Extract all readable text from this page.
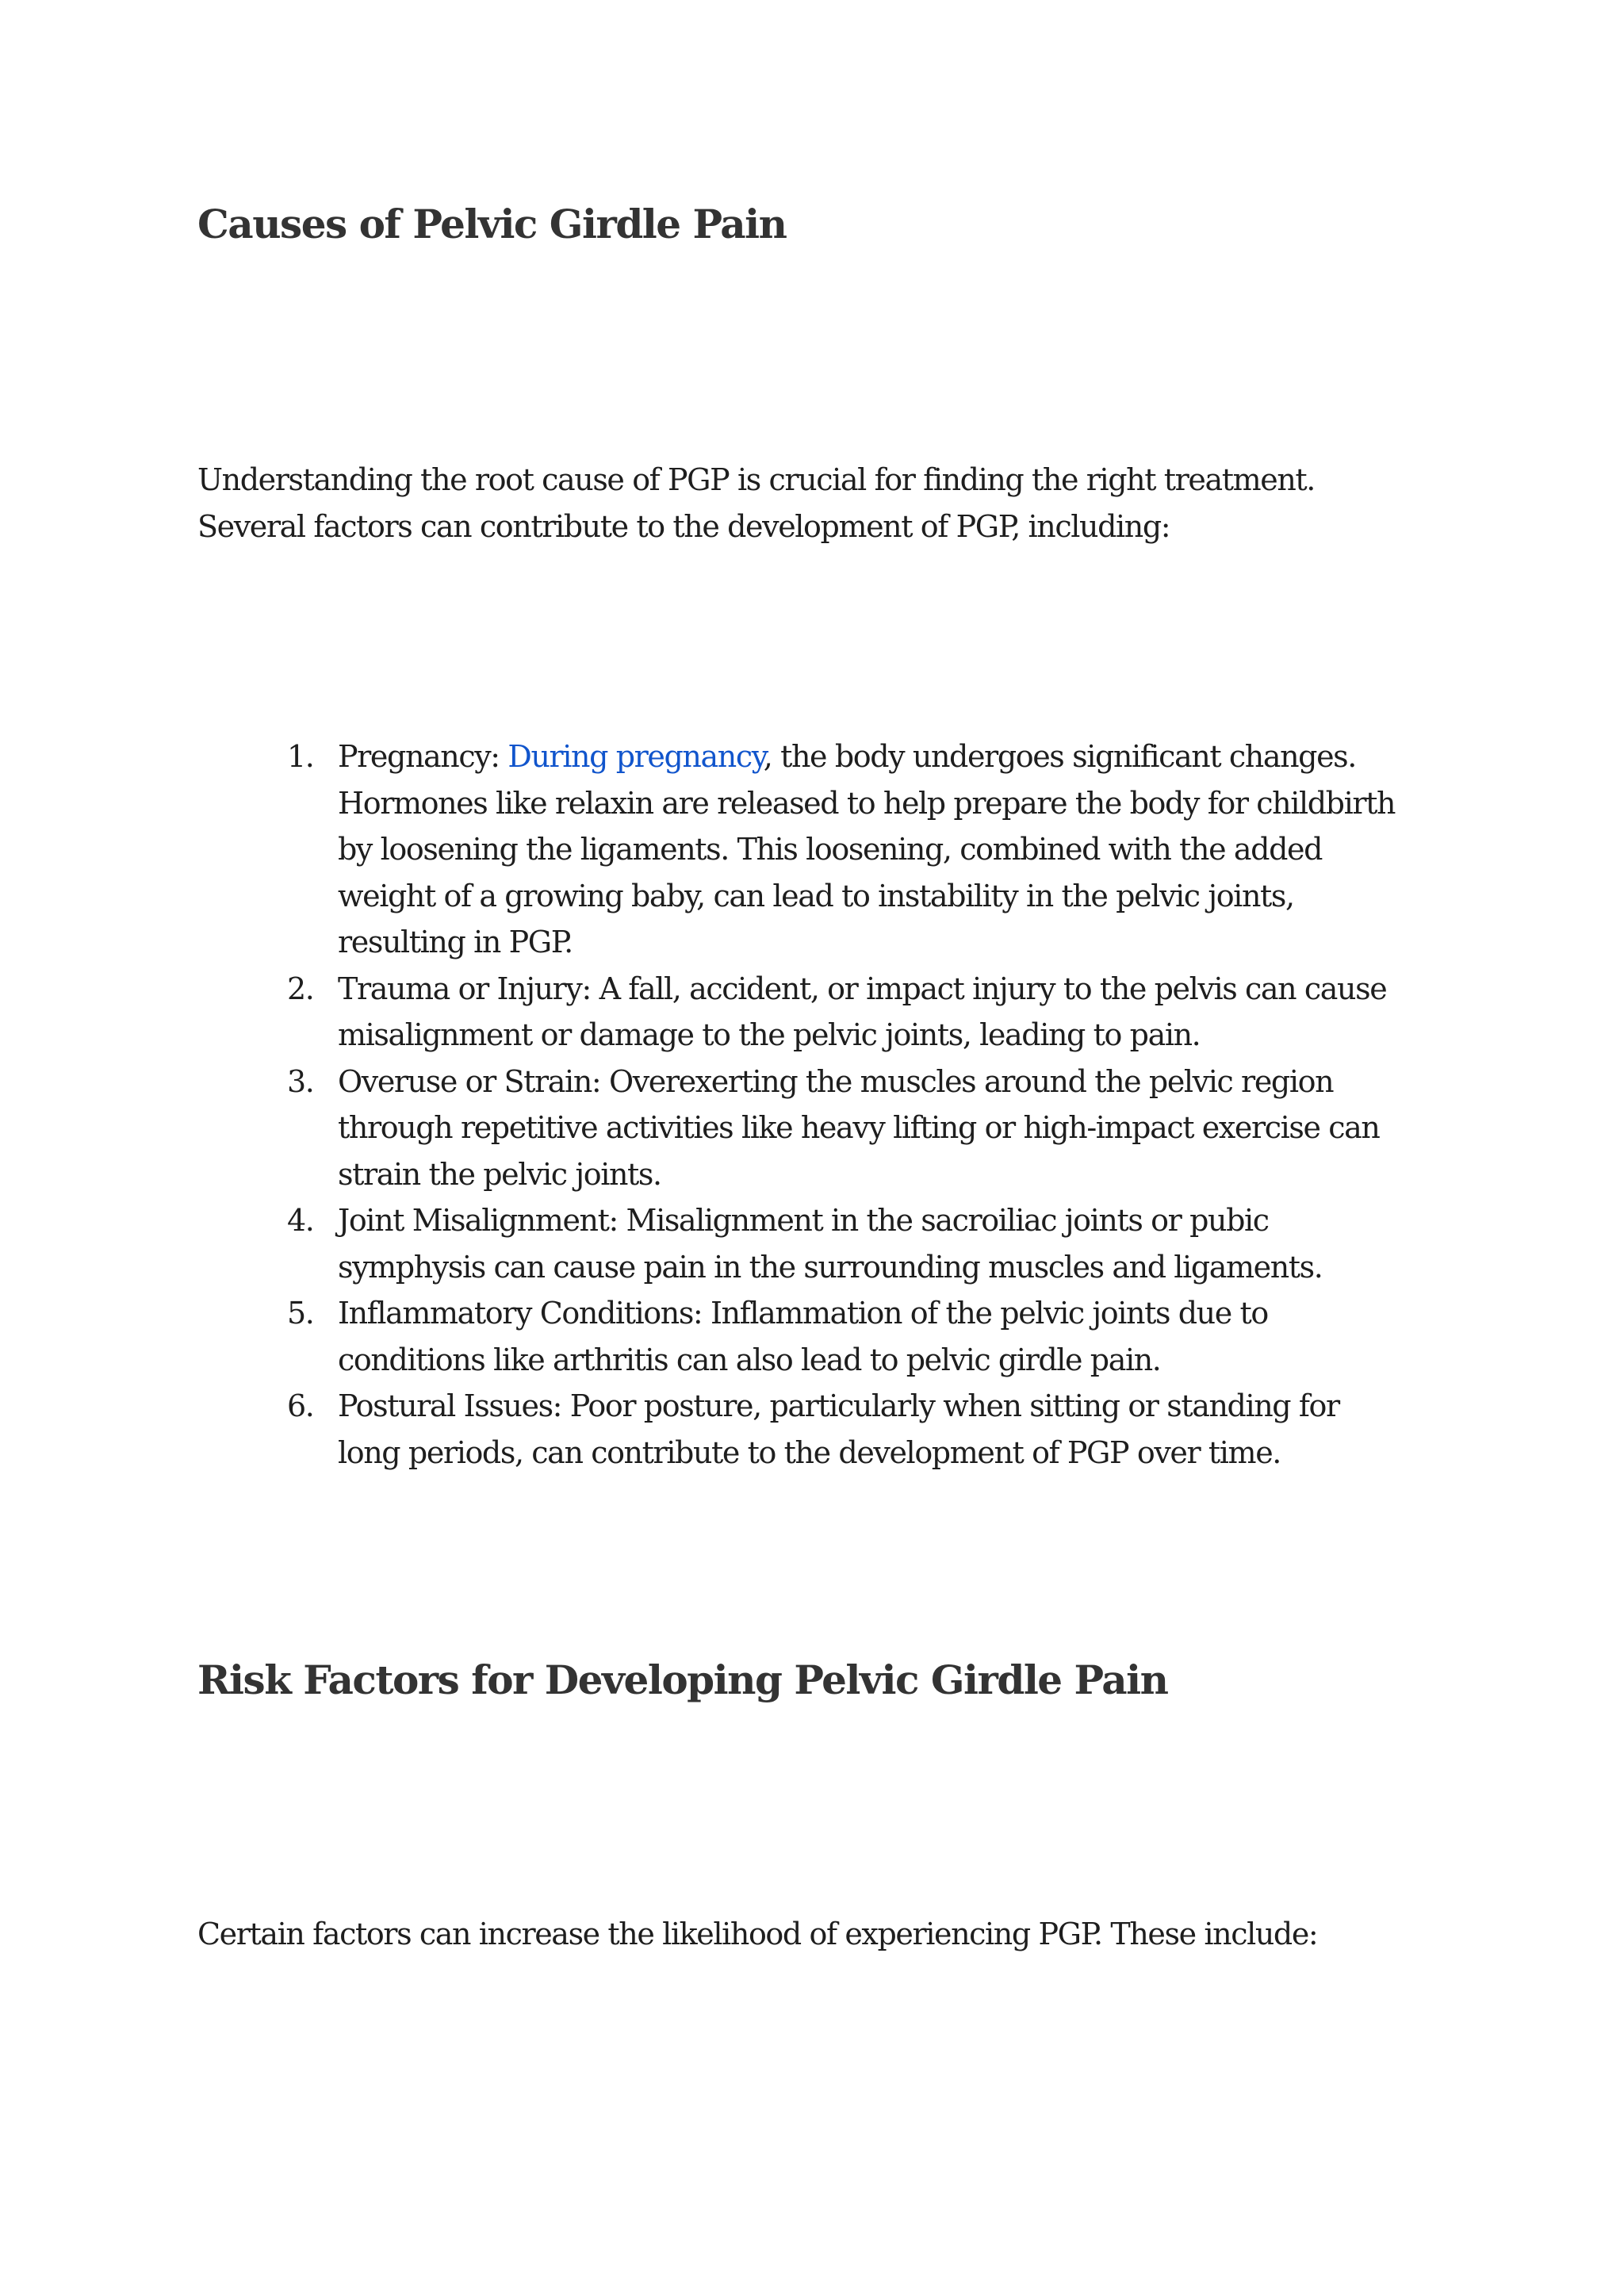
Causes of Pelvic Girdle Pain
Understanding the root cause of PGP is crucial for finding the right treatment.
Several factors can contribute to the development of PGP, including:
1. Pregnancy: During pregnancy, the body undergoes significant changes.
Hormones like relaxin are released to help prepare the body for childbirth
by loosening the ligaments. This loosening, combined with the added
weight of a growing baby, can lead to instability in the pelvic joints,
resulting in PGP.
2. Trauma or Injury: A fall, accident, or impact injury to the pelvis can cause
misalignment or damage to the pelvic joints, leading to pain.
3. Overuse or Strain: Overexerting the muscles around the pelvic region
through repetitive activities like heavy lifting or high-impact exercise can
strain the pelvic joints.
4. Joint Misalignment: Misalignment in the sacroiliac joints or pubic
symphysis can cause pain in the surrounding muscles and ligaments.
5. Inflammatory Conditions: Inflammation of the pelvic joints due to
conditions like arthritis can also lead to pelvic girdle pain.
6. Postural Issues: Poor posture, particularly when sitting or standing for
long periods, can contribute to the development of PGP over time.
Risk Factors for Developing Pelvic Girdle Pain
Certain factors can increase the likelihood of experiencing PGP. These include:
